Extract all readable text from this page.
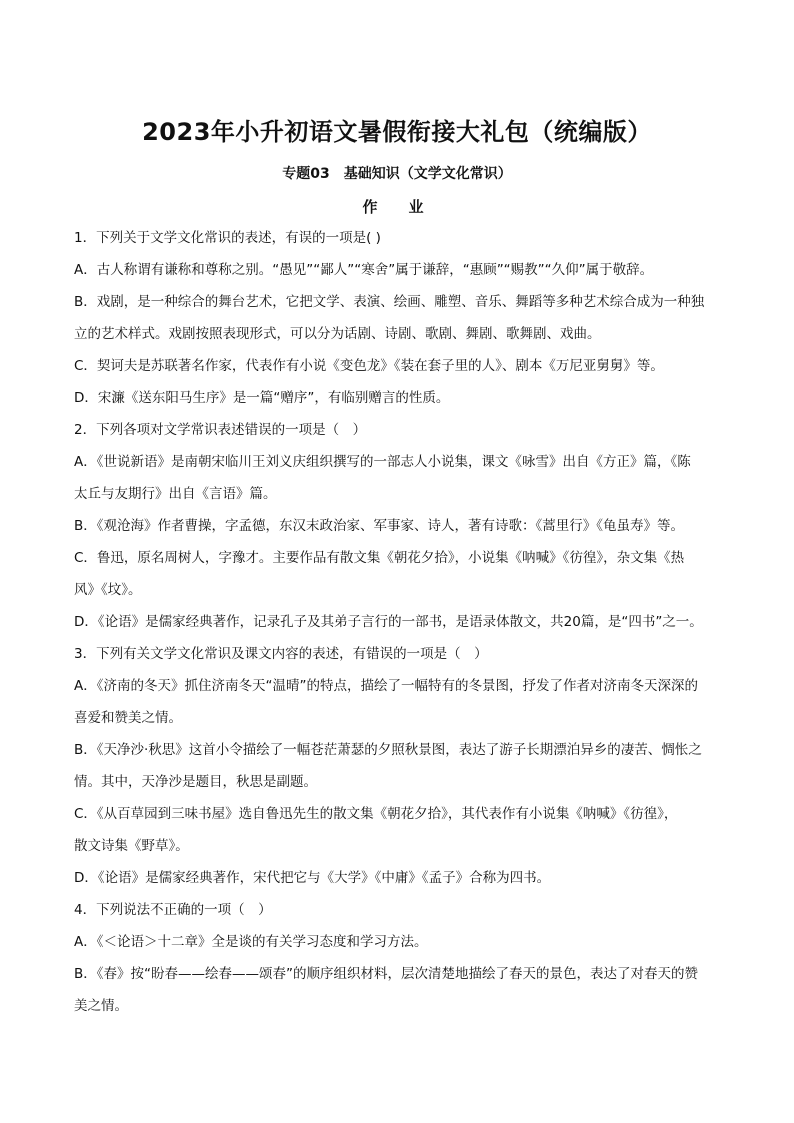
2023年小升初语文暑假衔接大礼包（统编版）
专题03　基础知识（文学文化常识）
作　业

1．下列关于文学文化常识的表述，有误的一项是( )

A．古人称谓有谦称和尊称之别。“愚见”“鄙人”“寒舍”属于谦辞，“惠顾”“赐教”“久仰”属于敬辞。

B．戏剧，是一种综合的舞台艺术，它把文学、表演、绘画、雕塑、音乐、舞蹈等多种艺术综合成为一种独

立的艺术样式。戏剧按照表现形式，可以分为话剧、诗剧、歌剧、舞剧、歌舞剧、戏曲。

C．契诃夫是苏联著名作家，代表作有小说《变色龙》《装在套子里的人》、剧本《万尼亚舅舅》等。

D．宋濂《送东阳马生序》是一篇“赠序”，有临别赠言的性质。

2．下列各项对文学常识表述错误的一项是（　）

A．《世说新语》是南朝宋临川王刘义庆组织撰写的一部志人小说集，课文《咏雪》出自《方正》篇，《陈

太丘与友期行》出自《言语》篇。

B．《观沧海》作者曹操，字孟德，东汉末政治家、军事家、诗人，著有诗歌：《蒿里行》《龟虽寿》等。

C．鲁迅，原名周树人，字豫才。主要作品有散文集《朝花夕拾》，小说集《呐喊》《彷徨》，杂文集《热

风》《坟》。

D．《论语》是儒家经典著作，记录孔子及其弟子言行的一部书，是语录体散文，共20篇，是“四书”之一。

3．下列有关文学文化常识及课文内容的表述，有错误的一项是（　）

A．《济南的冬天》抓住济南冬天“温晴”的特点，描绘了一幅特有的冬景图，抒发了作者对济南冬天深深的

喜爱和赞美之情。

B．《天净沙·秋思》这首小令描绘了一幅苍茫萧瑟的夕照秋景图，表达了游子长期漂泊异乡的凄苦、惆怅之

情。其中，天净沙是题目，秋思是副题。

C．《从百草园到三味书屋》选自鲁迅先生的散文集《朝花夕拾》，其代表作有小说集《呐喊》《彷徨》，

散文诗集《野草》。

D．《论语》是儒家经典著作，宋代把它与《大学》《中庸》《孟子》合称为四书。

4．下列说法不正确的一项（　）

A．《＜论语＞十二章》全是谈的有关学习态度和学习方法。

B．《春》按“盼春——绘春——颂春”的顺序组织材料，层次清楚地描绘了春天的景色，表达了对春天的赞

美之情。
